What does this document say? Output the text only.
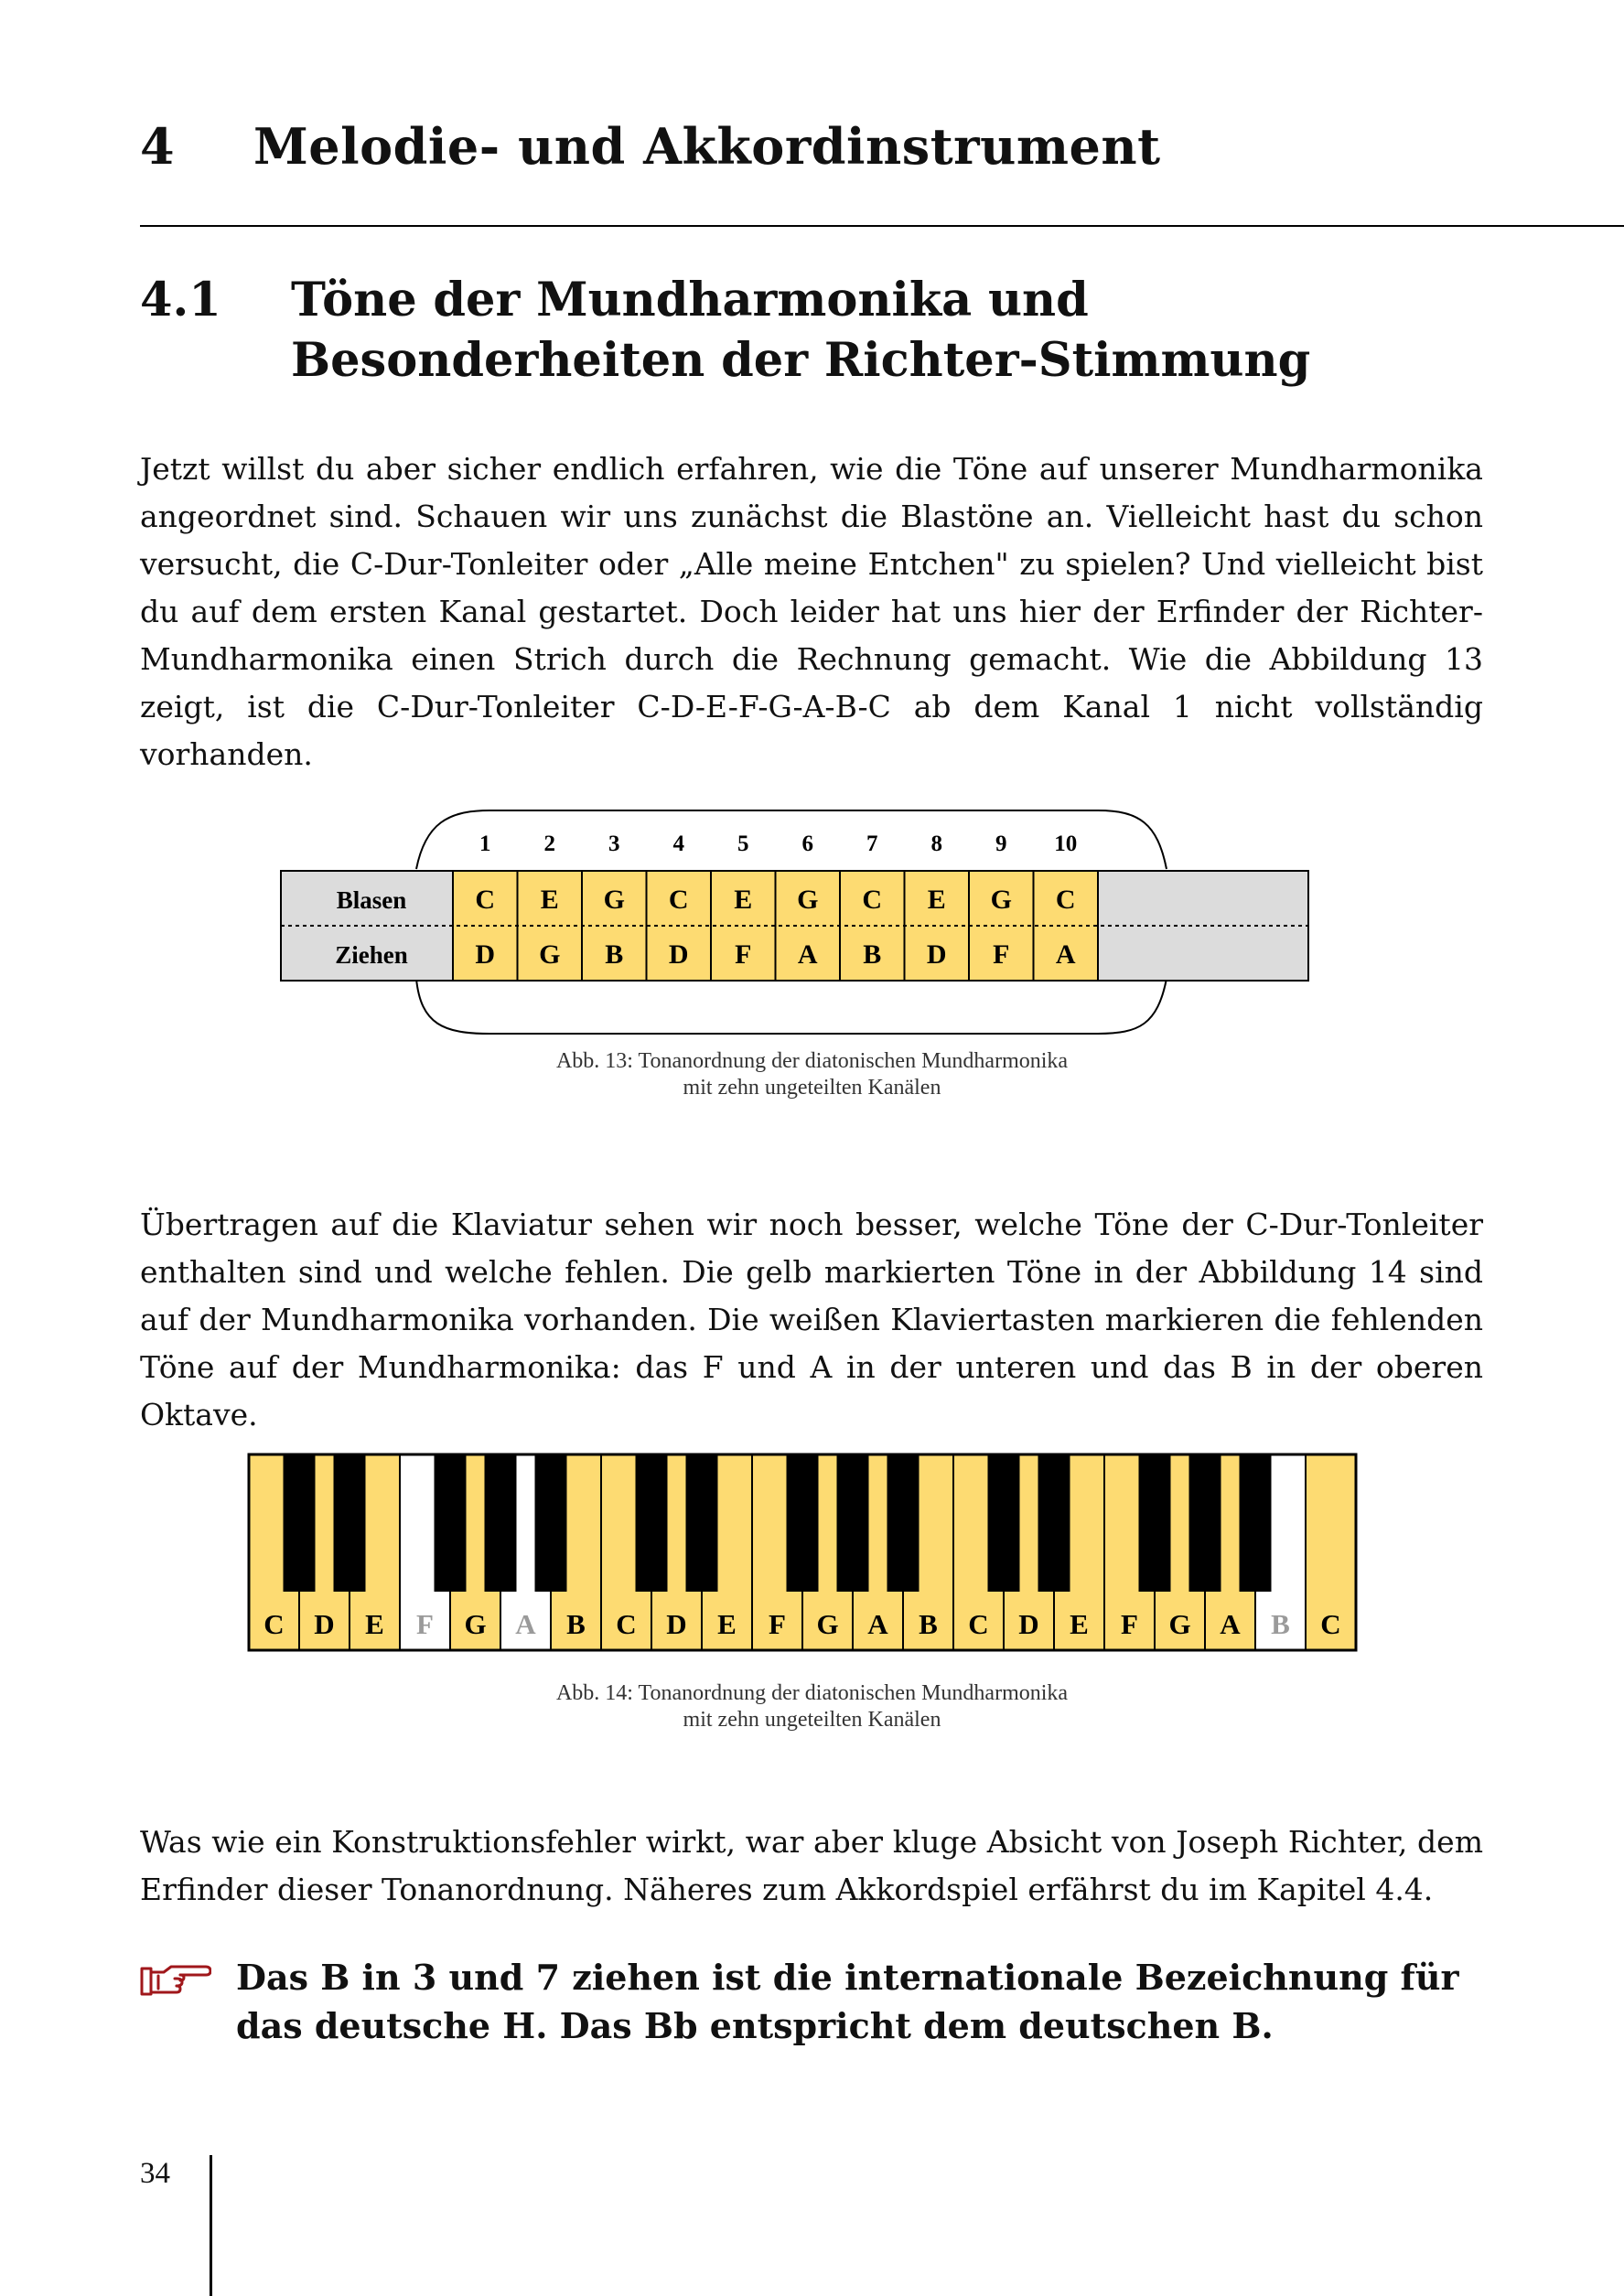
4 Melodie- und Akkordinstrument
4.1 Töne der Mundharmonika und
Besonderheiten der Richter-Stimmung

Jetzt willst du aber sicher endlich erfahren, wie die Töne auf unserer Mundharmonika angeordnet sind. Schauen wir uns zunächst die Blastöne an. Vielleicht hast du schon versucht, die C-Dur-Tonleiter oder „Alle meine Entchen" zu spielen? Und vielleicht bist du auf dem ersten Kanal gestartet. Doch leider hat uns hier der Erfinder der Richter-Mundharmonika einen Strich durch die Rechnung gemacht. Wie die Abbildung 13 zeigt, ist die C-Dur-Tonleiter C-D-E-F-G-A-B-C ab dem Kanal 1 nicht vollständig vorhanden.

Blasen
Ziehen
1
C
D
2
E
G
3
G
B
4
C
D
5
E
F
6
G
A
7
C
B
8
E
D
9
G
F
10
C
A

Abb. 13: Tonanordnung der diatonischen Mundharmonika
mit zehn ungeteilten Kanälen

Übertragen auf die Klaviatur sehen wir noch besser, welche Töne der C-Dur-Tonleiter enthalten sind und welche fehlen. Die gelb markierten Töne in der Abbildung 14 sind auf der Mundharmonika vorhanden. Die weißen Klaviertasten markieren die fehlenden Töne auf der Mundharmonika: das F und A in der unteren und das B in der oberen Oktave.

C D E F G A B C D E F G A B C D E F G A B C

Abb. 14: Tonanordnung der diatonischen Mundharmonika
mit zehn ungeteilten Kanälen

Was wie ein Konstruktionsfehler wirkt, war aber kluge Absicht von Joseph Richter, dem Erfinder dieser Tonanordnung. Näheres zum Akkordspiel erfährst du im Kapitel 4.4.

Das B in 3 und 7 ziehen ist die internationale Bezeichnung für das deutsche H. Das Bb entspricht dem deutschen B.

34
